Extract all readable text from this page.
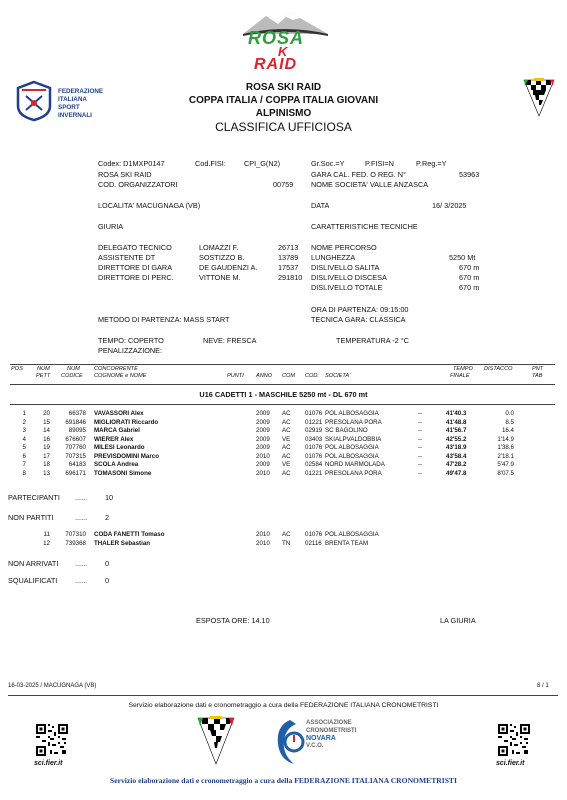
ROSA
K
RAID
FEDERAZIONE
ITALIANA
SPORT
INVERNALI
ROSA SKI RAID
COPPA ITALIA / COPPA ITALIA GIOVANI
ALPINISMO
CLASSIFICA UFFICIOSA
Codex: D1MXP0147	Cod.FISI: CPI_G(N2)	Gr.Soc.=Y	P.FISI=N	P.Reg.=Y
ROSA SKI RAID	GARA CAL. FED. O REG. N°	53963
COD. ORGANIZZATORI	00759 NOME SOCIETA' VALLE ANZASCA
LOCALITA' MACUGNAGA (VB)	DATA	16/ 3/2025
GIURIA	CARATTERISTICHE TECNICHE
DELEGATO TECNICO	LOMAZZI F.	26713
ASSISTENTE DT	SOSTIZZO B.	13789
DIRETTORE DI GARA	DE GAUDENZI A.	17537
DIRETTORE DI PERC.	VITTONE M.	291810
NOME PERCORSO
LUNGHEZZA	5250 Mt
DISLIVELLO SALITA	670 m
DISLIVELLO DISCESA	670 m
DISLIVELLO TOTALE	670 m
ORA DI PARTENZA: 09:15:00
METODO DI PARTENZA: MASS START	TECNICA GARA: CLASSICA
TEMPO: COPERTO	NEVE: FRESCA	TEMPERATURA -2 °C
PENALIZZAZIONE:
POS	NUM
PETT
NUM
CODICE
CONCORRENTE
COGNOME e NOME	PUNTI ANNO COM COD. SOCIETA'
TEMPO
FINALE
DISTACCO	PNT
TAB
U16 CADETTI 1 - MASCHILE 5250 mt - DL 670 mt
1	20	66378 VAVASSORI Alex	2009 AC 01076 POL ALBOSAGGIA	--	41'40.3	0.0
2	15	691846 MIGLIORATI Riccardo	2009 AC 01221 PRESOLANA PORA	--	41'48.8	8.5
3	14	89095 MARCA Gabriel	2009 AC 02919 SC BAGOLINO	--	41'56.7	16.4
4	16	676607 WIERER Alex	2009 VE 03403 SKIALPVALDOBBIA	--	42'55.2	1'14.9
5	19	707760 MILESI Leonardo	2009 AC 01076 POL ALBOSAGGIA	--	43'18.9	1'38.6
6	17	707315 PREVISDOMINI Marco	2010 AC 01076 POL ALBOSAGGIA	--	43'58.4	2'18.1
7	18	64183 SCOLA Andrea	2009 VE 02584 NORD MARMOLADA	--	47'28.2	5'47.9
8	13	696171 TOMASONI Simone	2010 AC 01221 PRESOLANA PORA	--	49'47.8	8'07.5
PARTECIPANTI ...... 10
NON PARTITI	...... 2
11	707310 CODA FANETTI Tomaso	2010 AC 01076 POL ALBOSAGGIA
12	739368 THALER Sebastian	2010 TN 02116 BRENTA TEAM
NON ARRIVATI ...... 0
SQUALIFICATI ...... 0
ESPOSTA ORE: 14.10	LA GIURIA
16-03-2025 / MACUGNAGA (VB)	8 / 1
Servizio elaborazione dati e cronometraggio a cura della FEDERAZIONE ITALIANA CRONOMETRISTI
sci.fier.it
ASSOCIAZIONE
CRONOMETRISTI
NOVARA
V.C.O.
sci.fier.it
Servizio elaborazione dati e cronometraggio a cura della FEDERAZIONE ITALIANA CRONOMETRISTI
